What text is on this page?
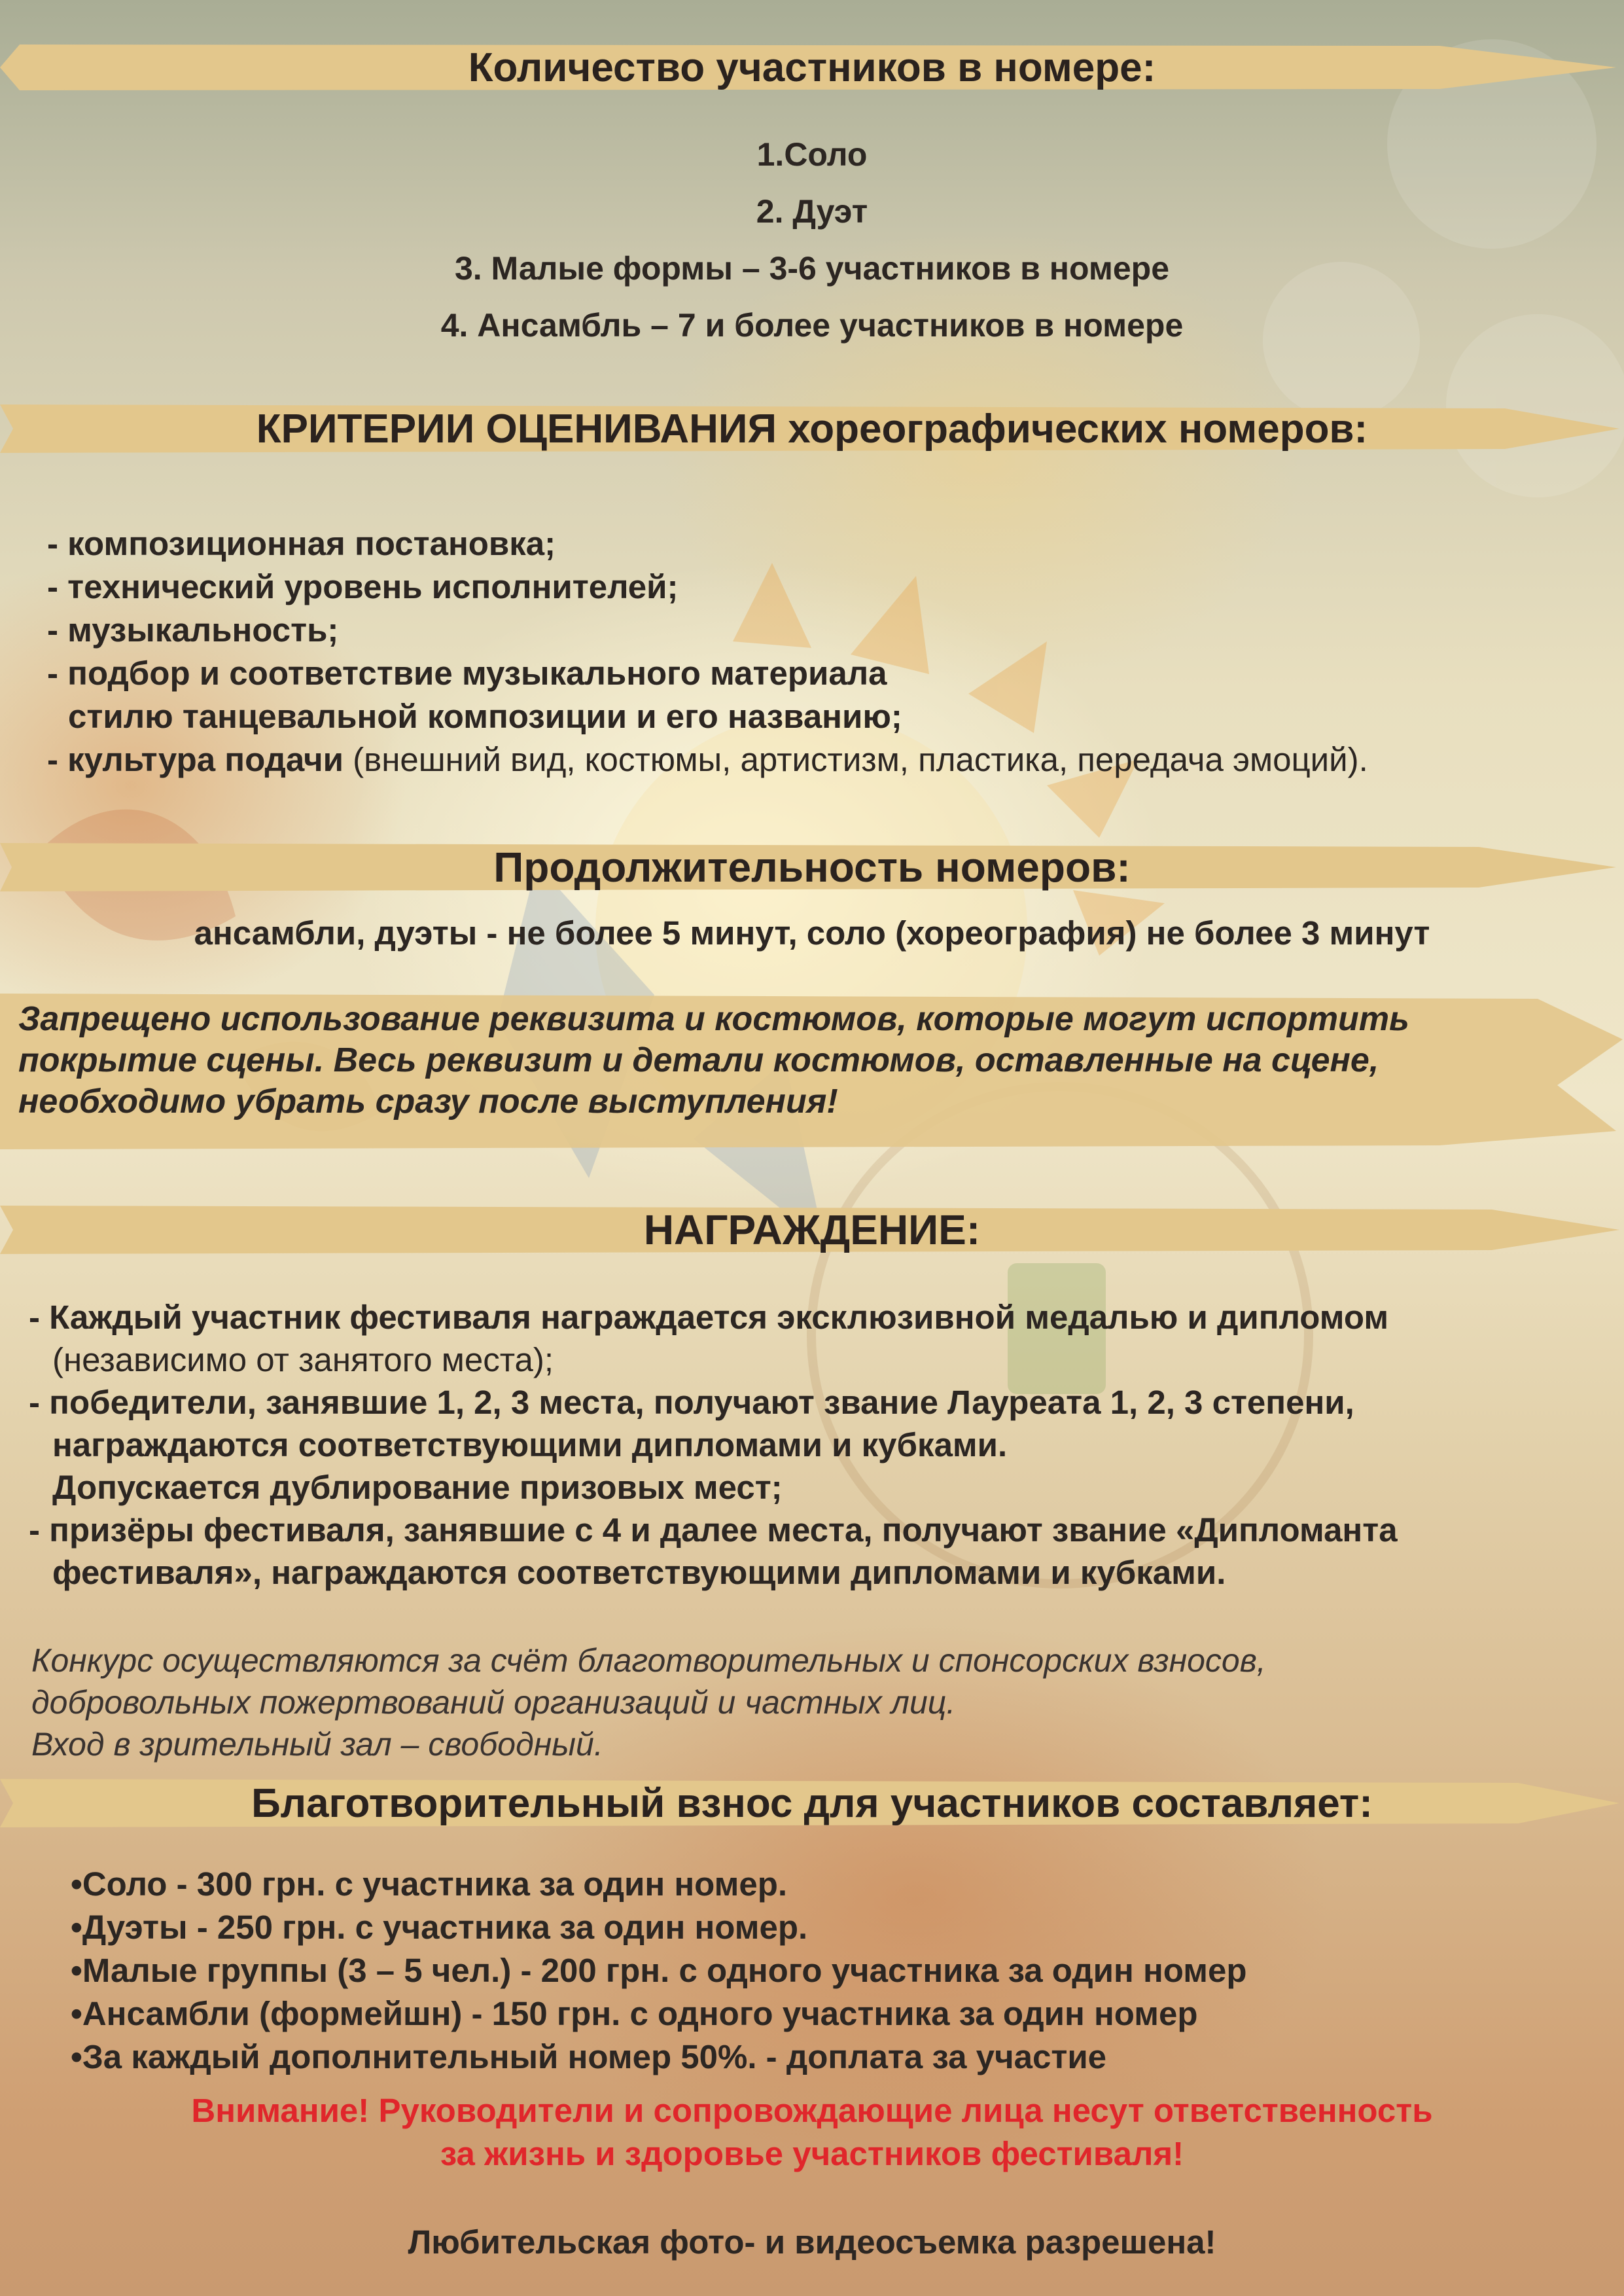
Количество участников в номере:
1.Соло
2. Дуэт
3. Малые формы – 3-6 участников в номере
4. Ансамбль – 7 и более участников в номере
КРИТЕРИИ ОЦЕНИВАНИЯ хореографических номеров:
- композиционная постановка;
- технический уровень исполнителей;
- музыкальность;
- подбор и соответствие музыкального материала
стилю танцевальной композиции и его названию;
- культура подачи (внешний вид, костюмы, артистизм, пластика, передача эмоций).
Продолжительность номеров:
ансамбли, дуэты - не более 5 минут, соло (хореография) не более 3 минут
Запрещено использование реквизита и костюмов, которые могут испортить
покрытие сцены. Весь реквизит и детали костюмов, оставленные на сцене,
необходимо убрать сразу после выступления!
НАГРАЖДЕНИЕ:
- Каждый участник фестиваля награждается эксклюзивной медалью и дипломом
(независимо от занятого места);
- победители, занявшие 1, 2, 3 места, получают звание Лауреата 1, 2, 3 степени,
награждаются соответствующими дипломами и кубками.
Допускается дублирование призовых мест;
- призёры фестиваля, занявшие с 4 и далее места, получают звание «Дипломанта
фестиваля», награждаются соответствующими дипломами и кубками.
Конкурс осуществляются за счёт благотворительных и спонсорских взносов,
добровольных пожертвований организаций и частных лиц.
Вход в зрительный зал – свободный.
Благотворительный взнос для участников составляет:
•Соло - 300 грн. с участника за один номер.
•Дуэты - 250 грн. с участника за один номер.
•Малые группы (3 – 5 чел.) - 200 грн. с одного участника за один номер
•Ансамбли (формейшн) - 150 грн. с одного участника за один номер
•За каждый дополнительный номер 50%. - доплата за участие
Внимание! Руководители и сопровождающие лица несут ответственность
за жизнь и здоровье участников фестиваля!
Любительская фото- и видеосъемка разрешена!
